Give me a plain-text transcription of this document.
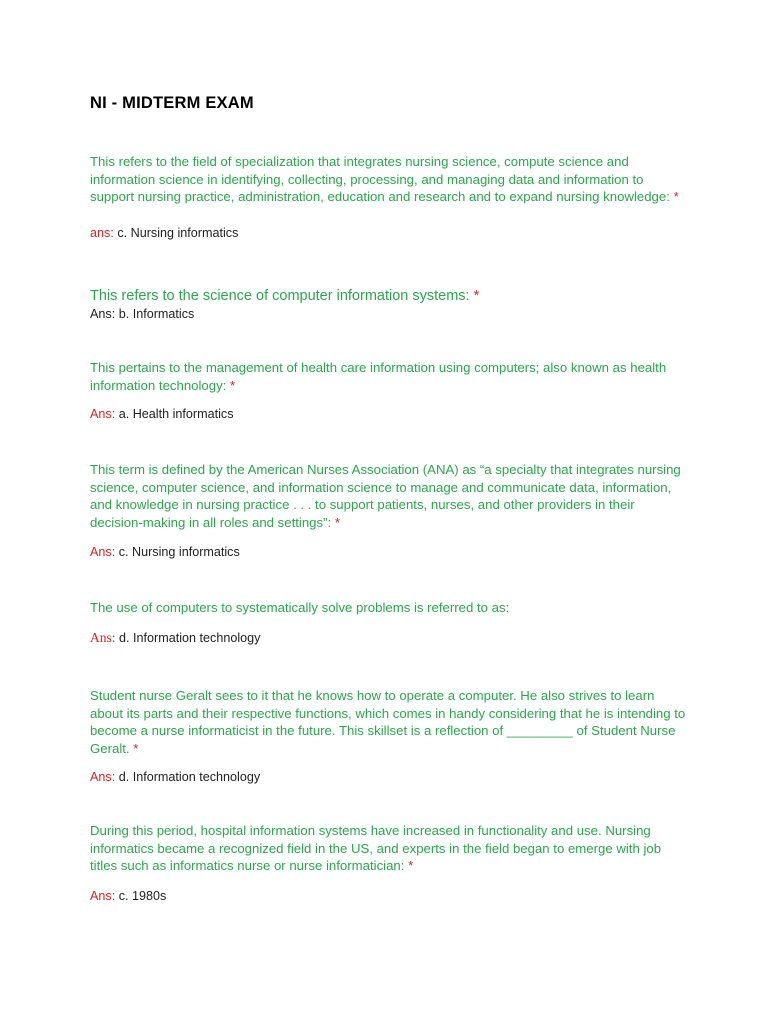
NI - MIDTERM EXAM

This refers to the field of specialization that integrates nursing science, compute science and information science in identifying, collecting, processing, and managing data and information to support nursing practice, administration, education and research and to expand nursing knowledge: *

ans: c. Nursing informatics

This refers to the science of computer information systems: *

Ans: b. Informatics

This pertains to the management of health care information using computers; also known as health information technology: *

Ans: a. Health informatics

This term is defined by the American Nurses Association (ANA) as “a specialty that integrates nursing science, computer science, and information science to manage and communicate data, information, and knowledge in nursing practice . . . to support patients, nurses, and other providers in their decision-making in all roles and settings”: *

Ans: c. Nursing informatics

The use of computers to systematically solve problems is referred to as:

Ans: d. Information technology

Student nurse Geralt sees to it that he knows how to operate a computer. He also strives to learn about its parts and their respective functions, which comes in handy considering that he is intending to become a nurse informaticist in the future. This skillset is a reflection of _________ of Student Nurse Geralt. *

Ans: d. Information technology

During this period, hospital information systems have increased in functionality and use. Nursing informatics became a recognized field in the US, and experts in the field began to emerge with job titles such as informatics nurse or nurse informatician: *

Ans: c. 1980s
